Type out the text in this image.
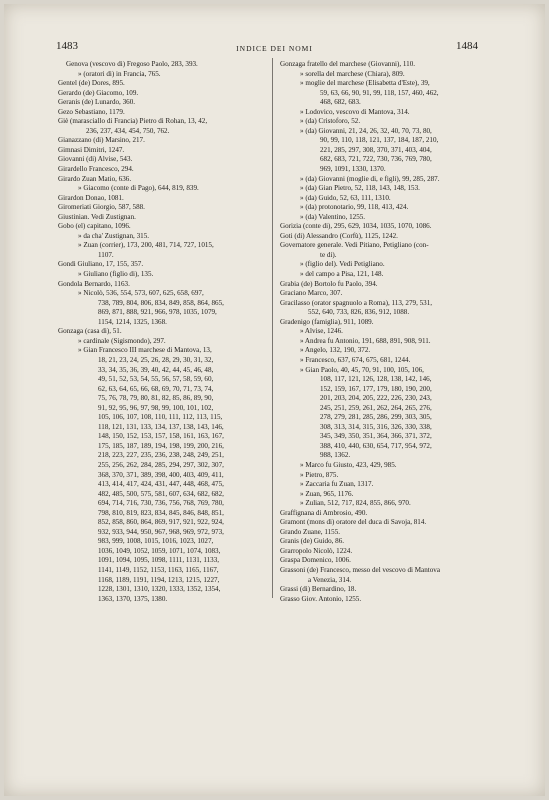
1483	INDICE DEI NOMI	1484
Genova (vescovo di) Fregoso Paolo, 283, 393.
» (oratori di) in Francia, 765.
Gentel (de) Dores, 895.
Gerardo (de) Giacomo, 109.
Geranis (de) Lunardo, 360.
Gezo Sebastiano, 1179.
Giè (marasciallo di Francia) Pietro di Rohan, 13, 42,
236, 237, 434, 454, 750, 762.
Gianazzano (di) Marsino, 217.
Gimnasi Dimitri, 1247.
Giovanni (di) Alvise, 543.
Girardello Francesco, 294.
Girardo Zuan Matio, 636.
» Giacomo (conte di Pago), 644, 819, 839.
Girardon Donao, 1081.
Giromeriati Giorgio, 587, 588.
Giustinian. Vedi Zustignan.
Gobo (el) capitano, 1096.
» da cha' Zustignan, 315.
» Zuan (corrier), 173, 200, 481, 714, 727, 1015,
1107.
Gondi Giuliano, 17, 155, 357.
» Giuliano (figlio di), 135.
Gondola Bernardo, 1163.
» Nicolò, 536, 554, 573, 607, 625, 658, 697,
738, 789, 804, 806, 834, 849, 858, 864, 865,
869, 871, 888, 921, 966, 978, 1035, 1079,
1154, 1214, 1325, 1368.
Gonzaga (casa di), 51.
» cardinale (Sigismondo), 297.
» Gian Francesco III marchese di Mantova, 13,
18, 21, 23, 24, 25, 26, 28, 29, 30, 31, 32,
33, 34, 35, 36, 39, 40, 42, 44, 45, 46, 48,
49, 51, 52, 53, 54, 55, 56, 57, 58, 59, 60,
62, 63, 64, 65, 66, 68, 69, 70, 71, 73, 74,
75, 76, 78, 79, 80, 81, 82, 85, 86, 89, 90,
91, 92, 95, 96, 97, 98, 99, 100, 101, 102,
105, 106, 107, 108, 110, 111, 112, 113, 115,
118, 121, 131, 133, 134, 137, 138, 143, 146,
148, 150, 152, 153, 157, 158, 161, 163, 167,
175, 185, 187, 189, 194, 198, 199, 200, 216,
218, 223, 227, 235, 236, 238, 248, 249, 251,
255, 256, 262, 284, 285, 294, 297, 302, 307,
368, 370, 371, 389, 398, 400, 403, 409, 411,
413, 414, 417, 424, 431, 447, 448, 468, 475,
482, 485, 500, 575, 581, 607, 634, 682, 682,
694, 714, 716, 730, 736, 756, 768, 769, 780,
798, 810, 819, 823, 834, 845, 846, 848, 851,
852, 858, 860, 864, 869, 917, 921, 922, 924,
932, 933, 944, 950, 967, 968, 969, 972, 973,
983, 999, 1008, 1015, 1016, 1023, 1027,
1036, 1049, 1052, 1059, 1071, 1074, 1083,
1091, 1094, 1095, 1098, 1111, 1131, 1133,
1141, 1149, 1152, 1153, 1163, 1165, 1167,
1168, 1189, 1191, 1194, 1213, 1215, 1227,
1228, 1301, 1310, 1320, 1333, 1352, 1354,
1363, 1370, 1375, 1380.
Gonzaga fratello del marchese (Giovanni), 110.
» sorella del marchese (Chiara), 809.
» moglie del marchese (Elisabetta d'Este), 39,
59, 63, 66, 90, 91, 99, 118, 157, 460, 462,
468, 682, 683.
» Lodovico, vescovo di Mantova, 314.
» (da) Cristoforo, 52.
» (da) Giovanni, 21, 24, 26, 32, 40, 70, 73, 80,
90, 99, 110, 118, 121, 137, 184, 187, 210,
221, 285, 297, 308, 370, 371, 403, 404,
682, 683, 721, 722, 730, 736, 769, 780,
969, 1091, 1330, 1370.
» (da) Giovanni (moglie di, e figli), 99, 285, 287.
» (da) Gian Pietro, 52, 118, 143, 148, 153.
» (da) Guido, 52, 63, 111, 1310.
» (da) protonotario, 99, 118, 413, 424.
» (da) Valentino, 1255.
Gorizia (conte di), 295, 629, 1034, 1035, 1070, 1086.
Goti (di) Alessandro (Corfù), 1125, 1242.
Governatore generale. Vedi Pitiano, Petigliano (con-
te di).
» (figlio del). Vedi Petigliano.
» del campo a Pisa, 121, 148.
Grabia (de) Bortolo fu Paolo, 394.
Graciano Marco, 307.
Gracilasso (orator spagnuolo a Roma), 113, 279, 531,
552, 640, 733, 826, 836, 912, 1088.
Gradenigo (famiglia), 911, 1089.
» Alvise, 1246.
» Andrea fu Antonio, 191, 688, 891, 908, 911.
» Angelo, 132, 190, 372.
» Francesco, 637, 674, 675, 681, 1244.
» Gian Paolo, 40, 45, 70, 91, 100, 105, 106,
108, 117, 121, 126, 128, 138, 142, 146,
152, 159, 167, 177, 179, 180, 190, 200,
201, 203, 204, 205, 222, 226, 230, 243,
245, 251, 259, 261, 262, 264, 265, 276,
278, 279, 281, 285, 286, 299, 303, 305,
308, 313, 314, 315, 316, 326, 330, 338,
345, 349, 350, 351, 364, 366, 371, 372,
388, 410, 440, 630, 654, 717, 954, 972,
988, 1362.
» Marco fu Giusto, 423, 429, 985.
» Pietro, 875.
» Zaccaria fu Zuan, 1317.
» Zuan, 965, 1176.
» Zulian, 512, 717, 824, 855, 866, 970.
Graffignana di Ambrosio, 490.
Gramont (mons di) oratore del duca di Savoja, 814.
Grando Zuane, 1155.
Granis (de) Guido, 86.
Grarropolo Nicolò, 1224.
Graspa Domenico, 1006.
Grassoni (de) Francesco, messo del vescovo di Mantova
a Venezia, 314.
Grassi (di) Bernardino, 18.
Grasso Giov. Antonio, 1255.
